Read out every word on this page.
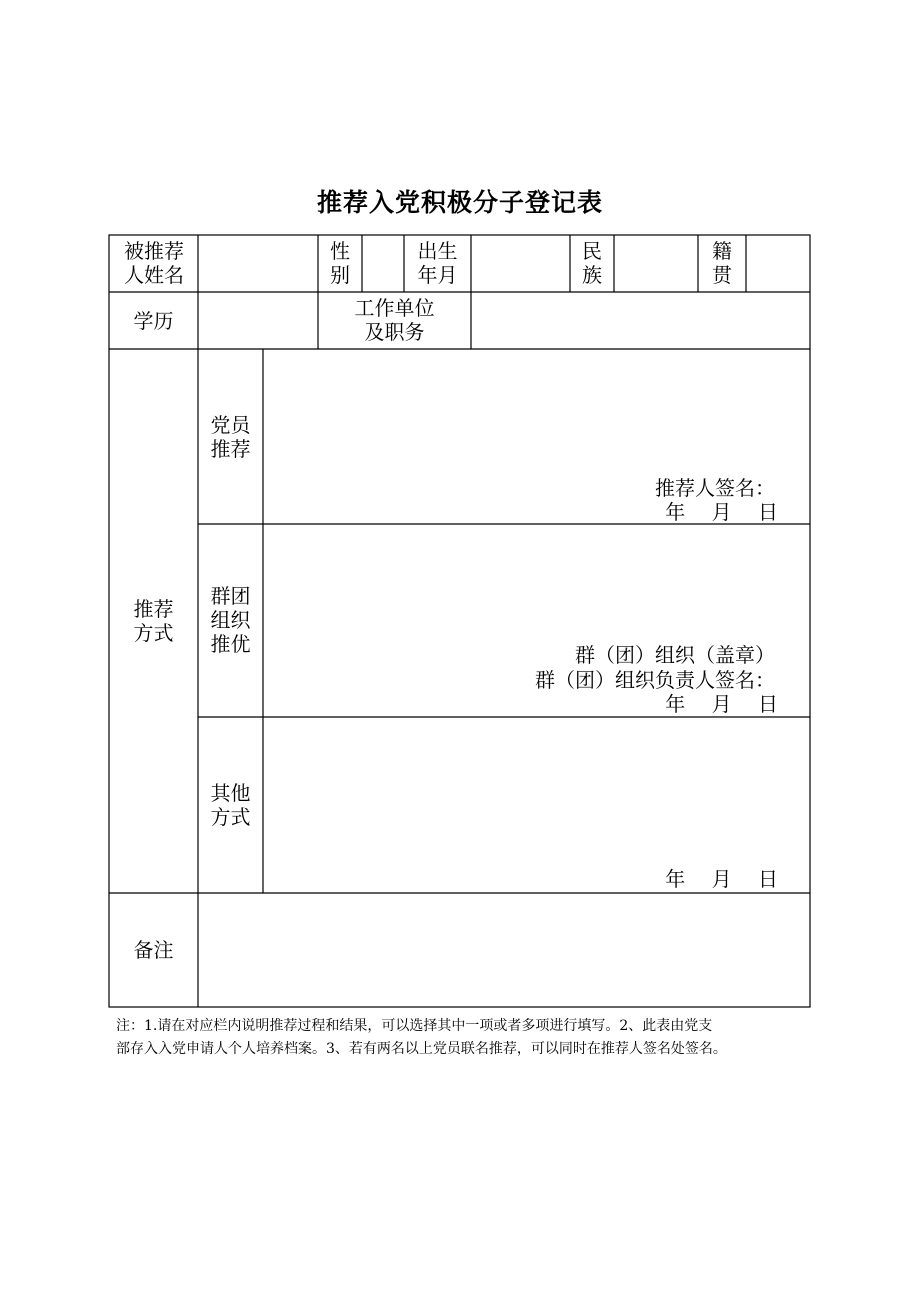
推荐入党积极分子登记表
被推荐
人姓名
性
别
出生
年月
民
族
籍
贯
学历
工作单位
及职务
推荐
方式
党员
推荐
推荐人签名：
年　 月　 日
群团
组织
推优	群（团）组织（盖章）
群（团）组织负责人签名：
年　 月　 日
其他
方式
年　 月　 日
备注
注：1.请在对应栏内说明推荐过程和结果，可以选择其中一项或者多项进行填写。2、此表由党支
部存入入党申请人个人培养档案。3、若有两名以上党员联名推荐，可以同时在推荐人签名处签名。
